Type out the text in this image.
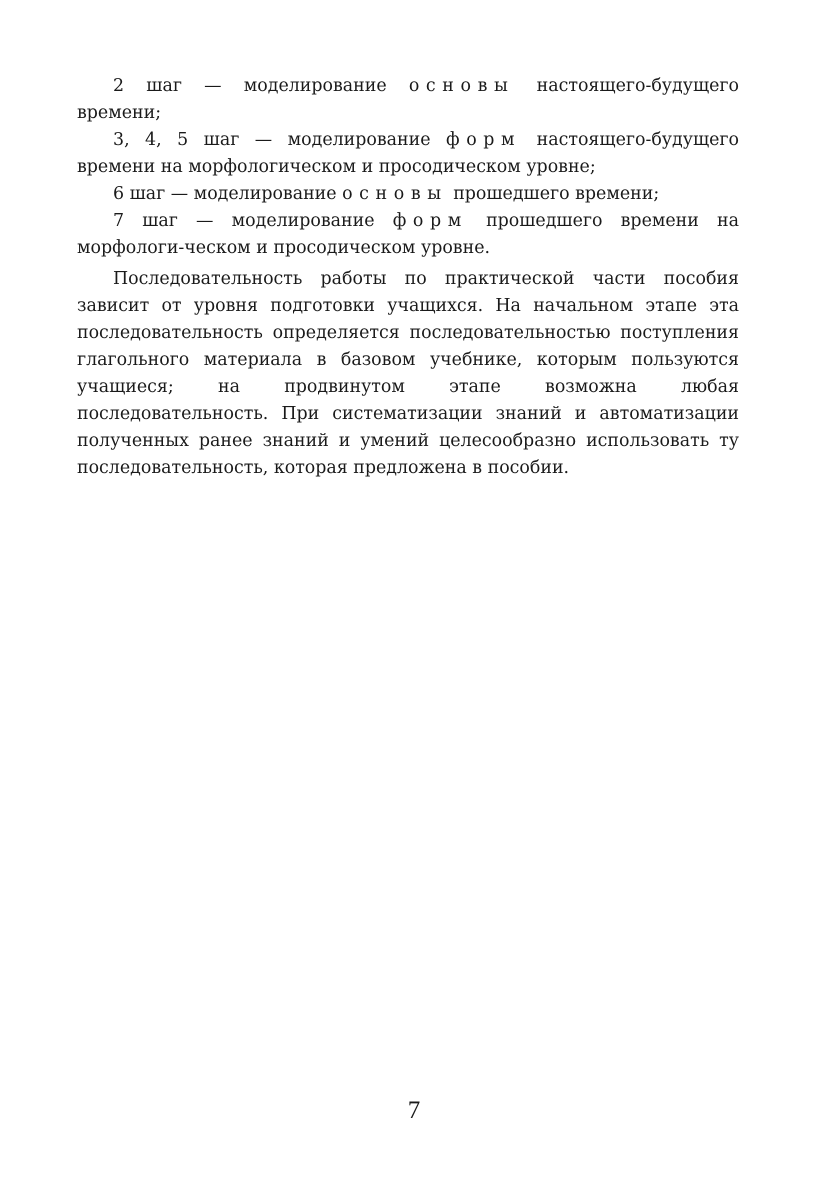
2 шаг — моделирование основы настоящего-будущего времени;

3, 4, 5 шаг — моделирование форм настоящего-будущего времени на морфологическом и просодическом уровне;

6 шаг — моделирование основы прошедшего времени;

7 шаг — моделирование форм прошедшего времени на морфологи-ческом и просодическом уровне.

Последовательность работы по практической части пособия зависит от уровня подготовки учащихся. На начальном этапе эта последовательность определяется последовательностью поступления глагольного материала в базовом учебнике, которым пользуются учащиеся; на продвинутом этапе возможна любая последовательность. При систематизации знаний и автоматизации полученных ранее знаний и умений целесообразно использовать ту последовательность, которая предложена в пособии.

7
